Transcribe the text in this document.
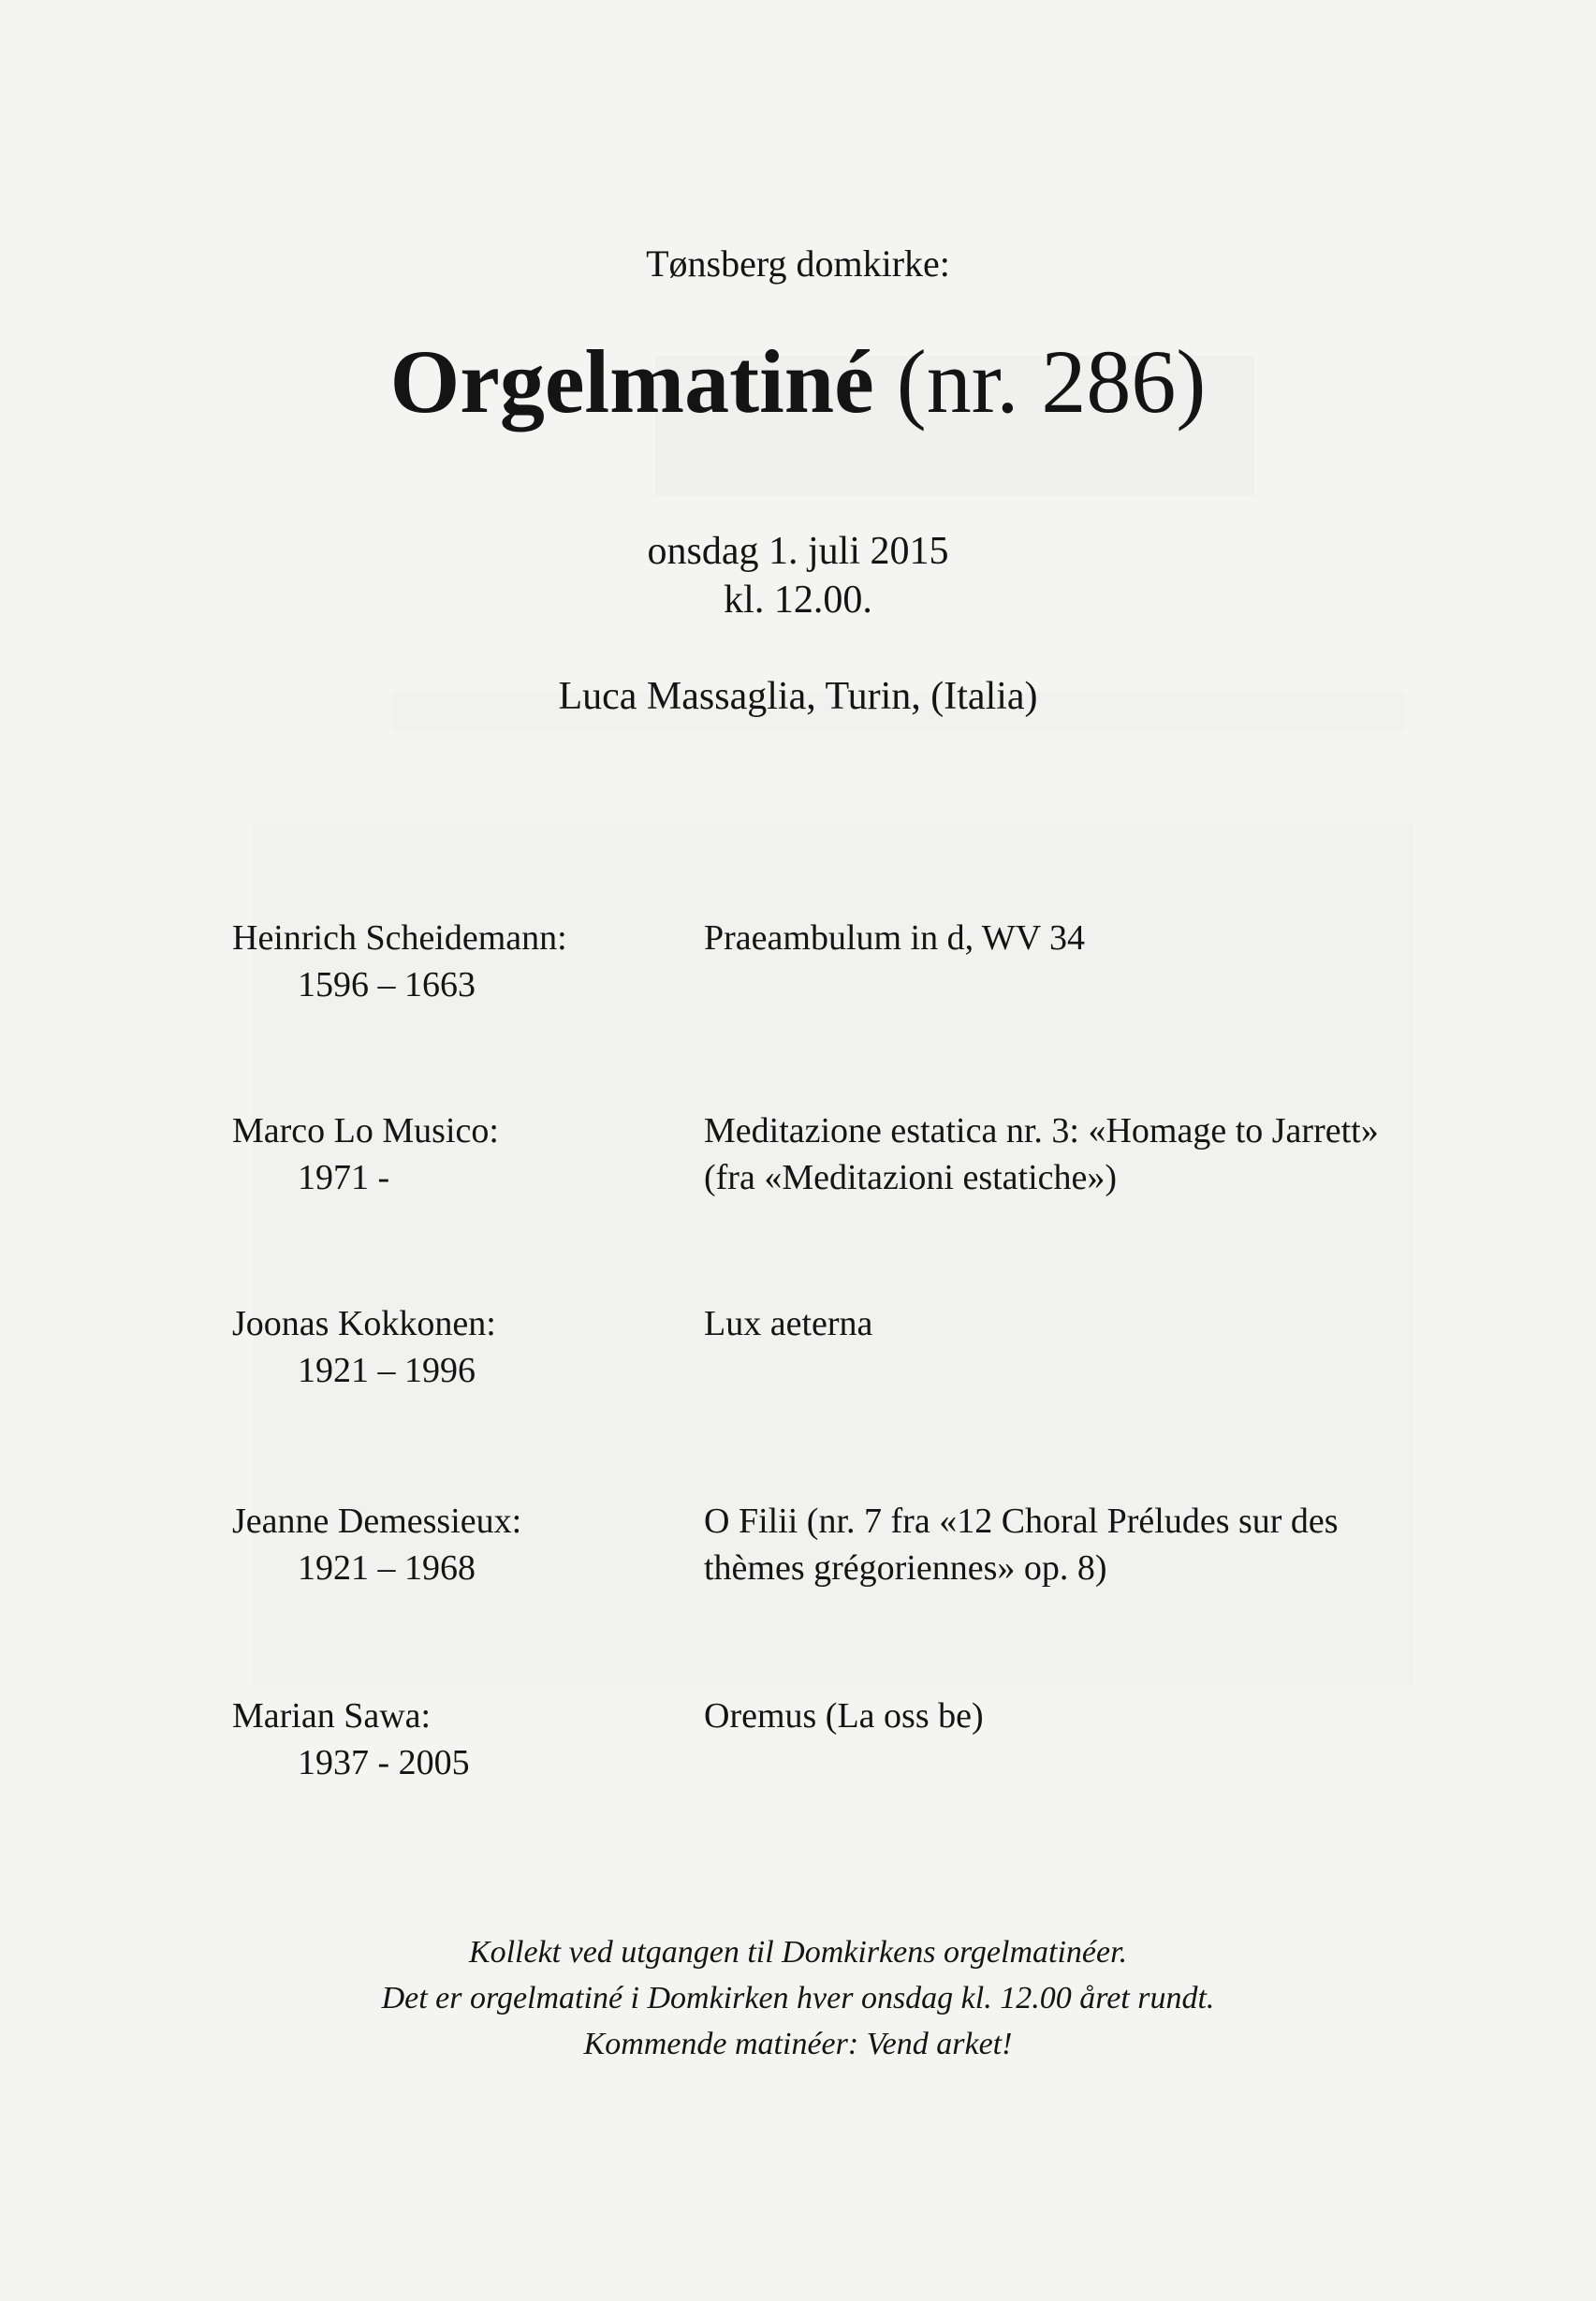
Tønsberg domkirke:
Orgelmatiné (nr. 286)
onsdag 1. juli 2015
kl. 12.00.
Luca Massaglia, Turin, (Italia)
Heinrich Scheidemann:
1596 – 1663
Praeambulum in d, WV 34
Marco Lo Musico:
1971 -
Meditazione estatica nr. 3: «Homage to Jarrett» (fra «Meditazioni estatiche»)
Joonas Kokkonen:
1921 – 1996
Lux aeterna
Jeanne Demessieux:
1921 – 1968
O Filii (nr. 7 fra «12 Choral Préludes sur des thèmes grégoriennes» op. 8)
Marian Sawa:
1937 - 2005
Oremus (La oss be)
Kollekt ved utgangen til Domkirkens orgelmatinéer.
Det er orgelmatiné i Domkirken hver onsdag kl. 12.00 året rundt.
Kommende matinéer: Vend arket!
